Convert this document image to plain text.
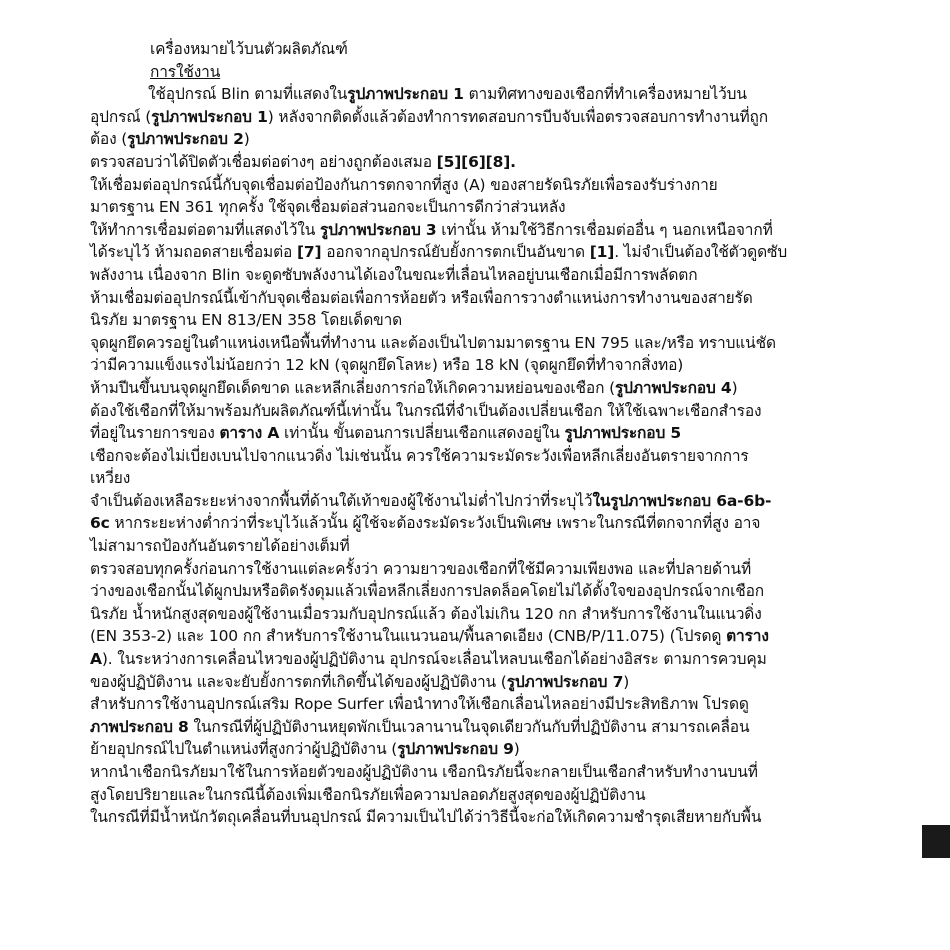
เครื่องหมายไว้บนตัวผลิตภัณฑ์
การใช้งาน
ใช้อุปกรณ์ Blin ตามที่แสดงในรูปภาพประกอบ 1 ตามทิศทางของเชือกที่ทำเครื่องหมายไว้บน
อุปกรณ์ (รูปภาพประกอบ 1) หลังจากติดตั้งแล้วต้องทำการทดสอบการบีบจับเพื่อตรวจสอบการทำงานที่ถูก
ต้อง (รูปภาพประกอบ 2)
ตรวจสอบว่าได้ปิดตัวเชื่อมต่อต่างๆ อย่างถูกต้องเสมอ [5][6][8].
ให้เชื่อมต่ออุปกรณ์นี้กับจุดเชื่อมต่อป้องกันการตกจากที่สูง (A) ของสายรัดนิรภัยเพื่อรองรับร่างกาย
มาตรฐาน EN 361 ทุกครั้ง ใช้จุดเชื่อมต่อส่วนอกจะเป็นการดีกว่าส่วนหลัง
ให้ทำการเชื่อมต่อตามที่แสดงไว้ใน รูปภาพประกอบ 3 เท่านั้น ห้ามใช้วิธีการเชื่อมต่ออื่น ๆ นอกเหนือจากที่
ได้ระบุไว้ ห้ามถอดสายเชื่อมต่อ [7] ออกจากอุปกรณ์ยับยั้งการตกเป็นอันขาด [1]. ไม่จำเป็นต้องใช้ตัวดูดซับ
พลังงาน เนื่องจาก Blin จะดูดซับพลังงานได้เองในขณะที่เลื่อนไหลอยู่บนเชือกเมื่อมีการพลัดตก
ห้ามเชื่อมต่ออุปกรณ์นี้เข้ากับจุดเชื่อมต่อเพื่อการห้อยตัว หรือเพื่อการวางตำแหน่งการทำงานของสายรัด
นิรภัย มาตรฐาน EN 813/EN 358 โดยเด็ดขาด
จุดผูกยึดควรอยู่ในตำแหน่งเหนือพื้นที่ทำงาน และต้องเป็นไปตามมาตรฐาน EN 795 และ/หรือ ทราบแน่ชัด
ว่ามีความแข็งแรงไม่น้อยกว่า 12 kN (จุดผูกยึดโลหะ) หรือ 18 kN (จุดผูกยึดที่ทำจากสิ่งทอ)
ห้ามปีนขึ้นบนจุดผูกยึดเด็ดขาด และหลีกเลี่ยงการก่อให้เกิดความหย่อนของเชือก (รูปภาพประกอบ 4)
ต้องใช้เชือกที่ให้มาพร้อมกับผลิตภัณฑ์นี้เท่านั้น ในกรณีที่จำเป็นต้องเปลี่ยนเชือก ให้ใช้เฉพาะเชือกสำรอง
ที่อยู่ในรายการของ ตาราง A เท่านั้น ขั้นตอนการเปลี่ยนเชือกแสดงอยู่ใน รูปภาพประกอบ 5
เชือกจะต้องไม่เบี่ยงเบนไปจากแนวดิ่ง ไม่เช่นนั้น ควรใช้ความระมัดระวังเพื่อหลีกเลี่ยงอันตรายจากการ
เหวี่ยง
จำเป็นต้องเหลือระยะห่างจากพื้นที่ด้านใต้เท้าของผู้ใช้งานไม่ต่ำไปกว่าที่ระบุไว้ในรูปภาพประกอบ 6a-6b-
6c หากระยะห่างต่ำกว่าที่ระบุไว้แล้วนั้น ผู้ใช้จะต้องระมัดระวังเป็นพิเศษ เพราะในกรณีที่ตกจากที่สูง อาจ
ไม่สามารถป้องกันอันตรายได้อย่างเต็มที่
ตรวจสอบทุกครั้งก่อนการใช้งานแต่ละครั้งว่า ความยาวของเชือกที่ใช้มีความเพียงพอ และที่ปลายด้านที่
ว่างของเชือกนั้นได้ผูกปมหรือติดรังดุมแล้วเพื่อหลีกเลี่ยงการปลดล็อคโดยไม่ได้ตั้งใจของอุปกรณ์จากเชือก
นิรภัย น้ำหนักสูงสุดของผู้ใช้งานเมื่อรวมกับอุปกรณ์แล้ว ต้องไม่เกิน 120 กก สำหรับการใช้งานในแนวดิ่ง
(EN 353-2) และ 100 กก สำหรับการใช้งานในแนวนอน/พื้นลาดเอียง (CNB/P/11.075) (โปรดดู ตาราง
A). ในระหว่างการเคลื่อนไหวของผู้ปฏิบัติงาน อุปกรณ์จะเลื่อนไหลบนเชือกได้อย่างอิสระ ตามการควบคุม
ของผู้ปฏิบัติงาน และจะยับยั้งการตกที่เกิดขึ้นได้ของผู้ปฏิบัติงาน (รูปภาพประกอบ 7)
สำหรับการใช้งานอุปกรณ์เสริม Rope Surfer เพื่อนำทางให้เชือกเลื่อนไหลอย่างมีประสิทธิภาพ โปรดดู
ภาพประกอบ 8 ในกรณีที่ผู้ปฏิบัติงานหยุดพักเป็นเวลานานในจุดเดียวกันกับที่ปฏิบัติงาน สามารถเคลื่อน
ย้ายอุปกรณ์ไปในตำแหน่งที่สูงกว่าผู้ปฏิบัติงาน (รูปภาพประกอบ 9)
หากนำเชือกนิรภัยมาใช้ในการห้อยตัวของผู้ปฏิบัติงาน เชือกนิรภัยนี้จะกลายเป็นเชือกสำหรับทำงานบนที่
สูงโดยปริยายและในกรณีนี้ต้องเพิ่มเชือกนิรภัยเพื่อความปลอดภัยสูงสุดของผู้ปฏิบัติงาน
ในกรณีที่มีน้ำหนักวัตถุเคลื่อนที่บนอุปกรณ์ มีความเป็นไปได้ว่าวิธีนี้จะก่อให้เกิดความชำรุดเสียหายกับพื้น
